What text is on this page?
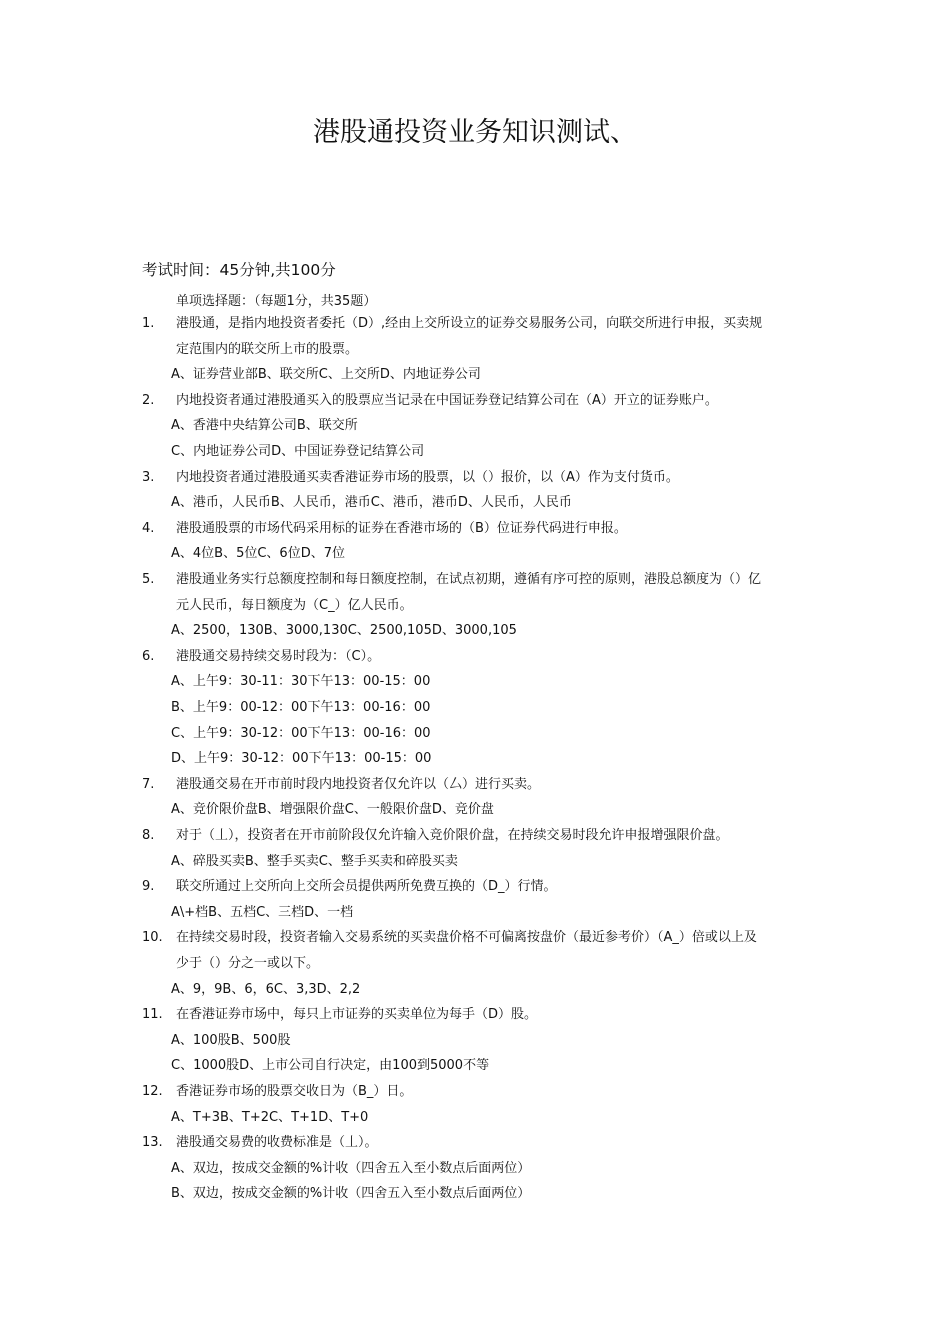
港股通投资业务知识测试、

考试时间：45分钟,共100分

单项选择题：（每题1分，共35题）

1.	港股通，是指内地投资者委托（D）,经由上交所设立的证券交易服务公司，向联交所进行申报，买卖规

定范围内的联交所上市的股票。

A、证券营业部B、联交所C、上交所D、内地证券公司

2.	内地投资者通过港股通买入的股票应当记录在中国证券登记结算公司在（A）开立的证券账户。

A、香港中央结算公司B、联交所

C、内地证券公司D、中国证券登记结算公司

3.	内地投资者通过港股通买卖香港证券市场的股票，以（）报价，以（A）作为支付货币。

A、港币，人民币B、人民币，港币C、港币，港币D、人民币，人民币

4.	港股通股票的市场代码采用标的证券在香港市场的（B）位证券代码进行申报。

A、4位B、5位C、6位D、7位

5.	港股通业务实行总额度控制和每日额度控制，在试点初期，遵循有序可控的原则，港股总额度为（）亿

元人民币，每日额度为（C_）亿人民币。

A、2500，130B、3000,130C、2500,105D、3000,105

6.	港股通交易持续交易时段为：（C）。

A、上午9：30-11：30下午13：00-15：00

B、上午9：00-12：00下午13：00-16：00

C、上午9：30-12：00下午13：00-16：00

D、上午9：30-12：00下午13：00-15：00

7.	港股通交易在开市前时段内地投资者仅允许以（厶）进行买卖。

A、竞价限价盘B、增强限价盘C、一般限价盘D、竞价盘

8.	对于（丄），投资者在开市前阶段仅允许输入竞价限价盘，在持续交易时段允许申报增强限价盘。

A、碎股买卖B、整手买卖C、整手买卖和碎股买卖

9.	联交所通过上交所向上交所会员提供两所免费互换的（D_）行情。

A\+档B、五档C、三档D、一档

10.	在持续交易时段，投资者输入交易系统的买卖盘价格不可偏离按盘价（最近参考价）（A_）倍或以上及

少于（）分之一或以下。

A、9，9B、6，6C、3,3D、2,2

11.	在香港证券市场中，每只上市证券的买卖单位为每手（D）股。

A、100股B、500股

C、1000股D、上市公司自行决定，由100到5000不等

12.	香港证券市场的股票交收日为（B_）日。

A、T+3B、T+2C、T+1D、T+0

13.	港股通交易费的收费标准是（丄）。

A、双边，按成交金额的%计收（四舍五入至小数点后面两位）

B、双边，按成交金额的%计收（四舍五入至小数点后面两位）
